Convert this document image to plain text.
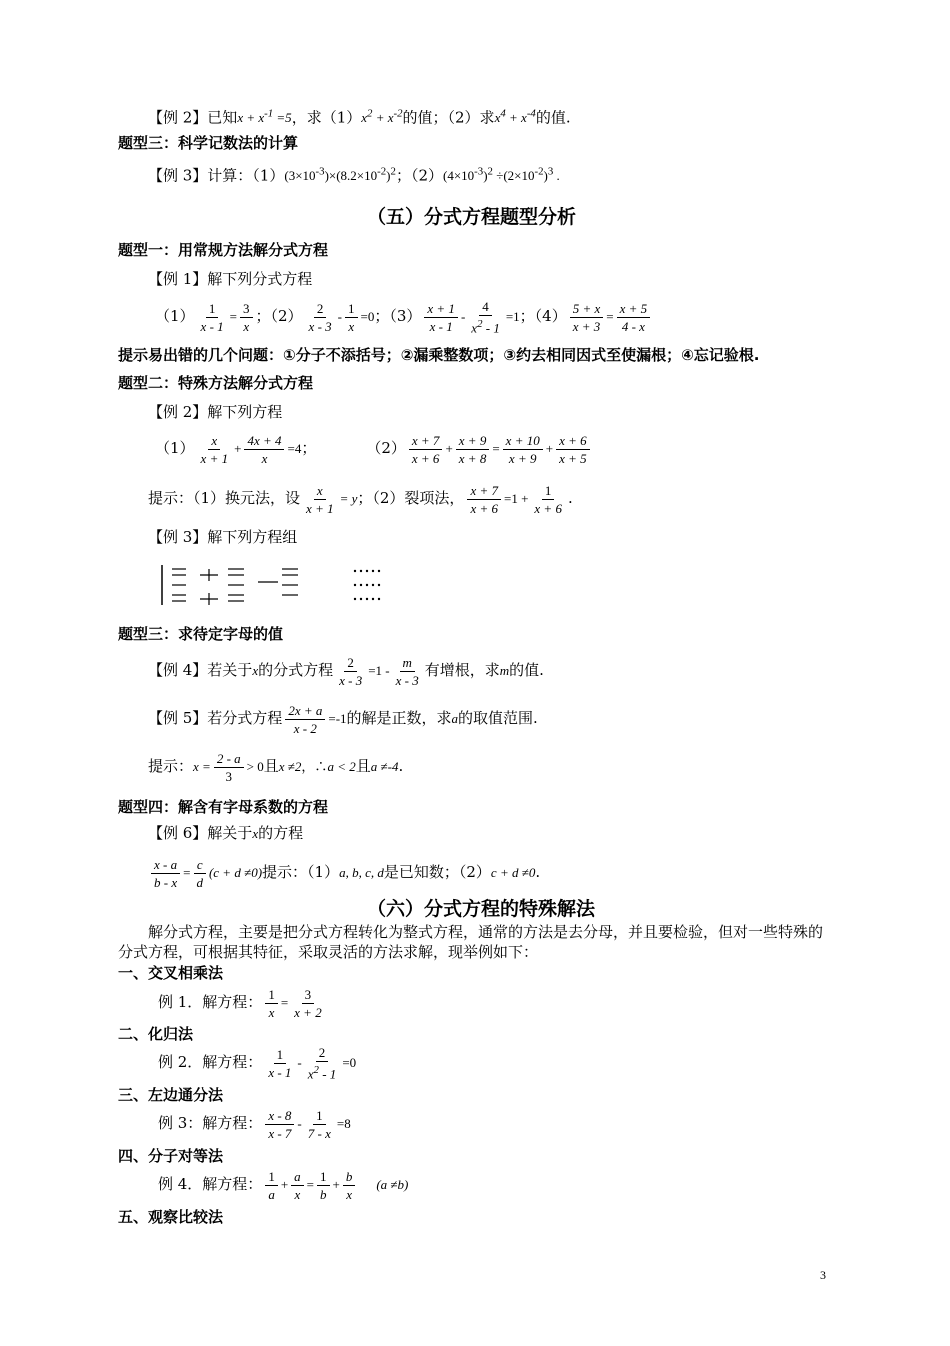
【例 2】已知$x + x^{-1} =5$，求$(1)x^2 + x^{-2}$的值；（2）求$x^4 + x^{-4}$的值.
题型三：科学记数法的计算
【例 3】计算：$(1)(3\times 10^{-3})\times(8.2\times 10^{-2})^2$；$(2)(4\times 10^{-3})^2 \div(2\times 10^{-2})^3$ .
（五）分式方程题型分析
题型一：用常规方法解分式方程
【例 1】解下列分式方程
$(1) \frac{1}{x - 1} = \frac{3}{x}$ ；$(2) \frac{2}{x - 3} - \frac{1}{x} =0$；$(3) \frac{x + 1}{x - 1} - \frac{4}{x^2 - 1} =1$；$(4) \frac{5 + x}{x + 3} = \frac{x + 5}{4 - x}$
提示易出错的几个问题：①分子不添括号；②漏乘整数项；③约去相同因式至使漏根；④忘记验根.
题型二：特殊方法解分式方程
【例 2】解下列方程
$(1) \frac{x}{x + 1} + \frac{4x + 4}{x} =4$；	$(2) \frac{x + 7}{x + 6} + \frac{x + 9}{x + 8} = \frac{x + 10}{x + 9} + \frac{x + 6}{x + 5}$
提示：（1）换元法，设 $\frac{x}{x + 1} = y$；（2）裂项法， $\frac{x + 7}{x + 6} =1 + \frac{1}{x + 6}$ .
【例 3】解下列方程组
题型三：求待定字母的值
【例 4】若关于x的分式方程 $\frac{2}{x - 3} =1 - \frac{m}{x - 3}$ 有增根，求m的值.
【例 5】若分式方程 $\frac{2x + a}{x - 2} =-1$的解是正数，求a的取值范围.
提示：$x = \frac{2 - a}{3} > 0$且x ≠2，∴a < 2且a ≠-4.
题型四：解含有字母系数的方程
【例 6】解关于x的方程
$\frac{x - a}{b - x} = \frac{c}{d} (c + d \ne 0)$提示：（1）a, b, c, d是已知数；（2）c + d ≠0.
（六）分式方程的特殊解法
解分式方程，主要是把分式方程转化为整式方程，通常的方法是去分母，并且要检验，但对一些特殊的
分式方程，可根据其特征，采取灵活的方法求解，现举例如下：
一、交叉相乘法
例 1．解方程： $\frac{1}{x} = \frac{3}{x + 2}$
二、化归法
例 2．解方程： $\frac{1}{x - 1} - \frac{2}{x^2 - 1} =0$
三、左边通分法
例 3：解方程： $\frac{x - 8}{x - 7} - \frac{1}{7 - x} =8$
四、分子对等法
例 4．解方程： $\frac{1}{a} + \frac{a}{x} = \frac{1}{b} + \frac{b}{x} (a \ne b)$
五、观察比较法
3
